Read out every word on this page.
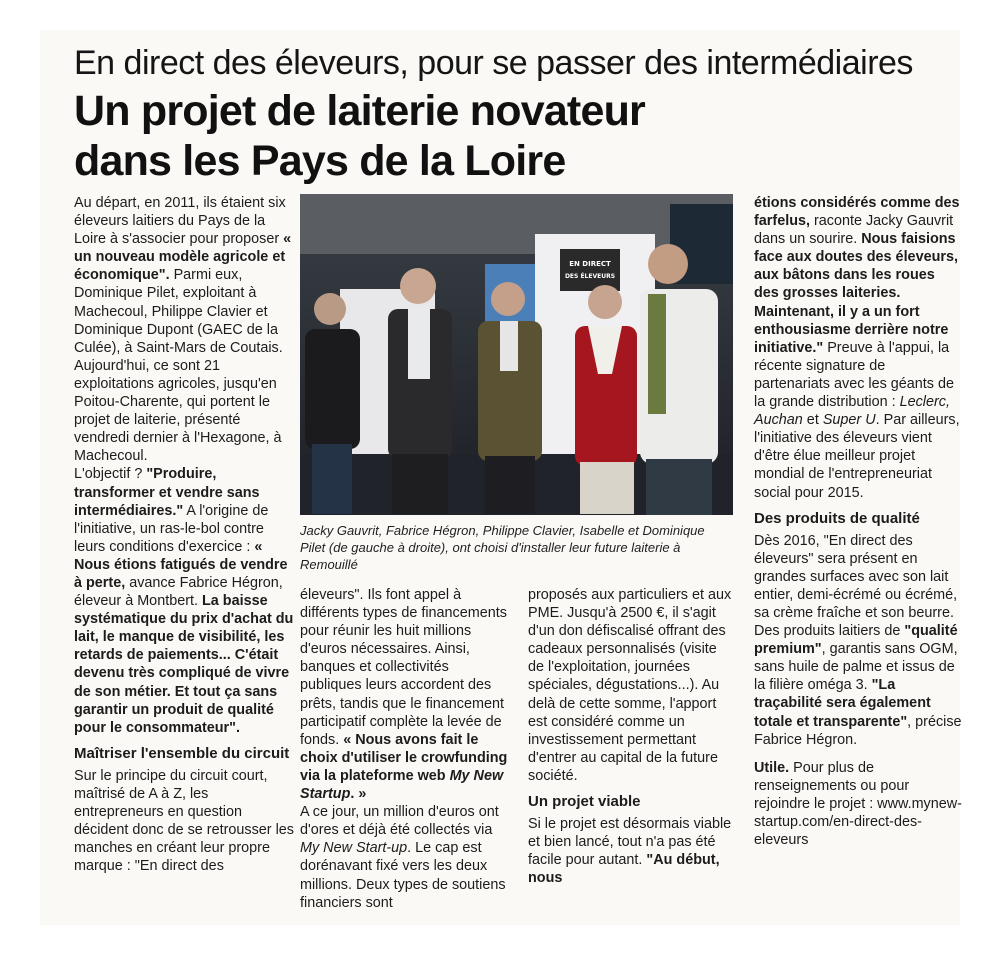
En direct des éleveurs, pour se passer des intermédiaires
Un projet de laiterie novateur
dans les Pays de la Loire

Au départ, en 2011, ils étaient six éleveurs laitiers du Pays de la Loire à s'associer pour proposer « un nouveau modèle agricole et économique". Parmi eux, Dominique Pilet, exploitant à Machecoul, Philippe Clavier et Dominique Dupont (GAEC de la Culée), à Saint-Mars de Coutais. Aujourd'hui, ce sont 21 exploitations agricoles, jusqu'en Poitou-Charente, qui portent le projet de laiterie, présenté vendredi dernier à l'Hexagone, à Machecoul.

L'objectif ? "Produire, transformer et vendre sans intermédiaires." A l'origine de l'initiative, un ras-le-bol contre leurs conditions d'exercice : « Nous étions fatigués de vendre à perte, avance Fabrice Hégron, éleveur à Montbert. La baisse systématique du prix d'achat du lait, le manque de visibilité, les retards de paiements... C'était devenu très compliqué de vivre de son métier. Et tout ça sans garantir un produit de qualité pour le consommateur".

Maîtriser l'ensemble du circuit

Sur le principe du circuit court, maîtrisé de A à Z, les entrepreneurs en question décident donc de se retrousser les manches en créant leur propre marque : "En direct des

EN DIRECT
DES ÉLEVEURS
Jacky Gauvrit, Fabrice Hégron, Philippe Clavier, Isabelle et Dominique Pilet (de gauche à droite), ont choisi d'installer leur future laiterie à Remouillé

éleveurs". Ils font appel à différents types de financements pour réunir les huit millions d'euros nécessaires. Ainsi, banques et collectivités publiques leurs accordent des prêts, tandis que le financement participatif complète la levée de fonds. « Nous avons fait le choix d'utiliser le crowfunding via la plateforme web My New Startup. »

A ce jour, un million d'euros ont d'ores et déjà été collectés via My New Start-up. Le cap est dorénavant fixé vers les deux millions. Deux types de soutiens financiers sont

proposés aux particuliers et aux PME. Jusqu'à 2500 €, il s'agit d'un don défiscalisé offrant des cadeaux personnalisés (visite de l'exploitation, journées spéciales, dégustations...). Au delà de cette somme, l'apport est considéré comme un investissement permettant d'entrer au capital de la future société.

Un projet viable

Si le projet est désormais viable et bien lancé, tout n'a pas été facile pour autant. "Au début, nous

étions considérés comme des farfelus, raconte Jacky Gauvrit dans un sourire. Nous faisions face aux doutes des éleveurs, aux bâtons dans les roues des grosses laiteries. Maintenant, il y a un fort enthousiasme derrière notre initiative." Preuve à l'appui, la récente signature de partenariats avec les géants de la grande distribution : Leclerc, Auchan et Super U. Par ailleurs, l'initiative des éleveurs vient d'être élue meilleur projet mondial de l'entrepreneuriat social pour 2015.

Des produits de qualité

Dès 2016, "En direct des éleveurs" sera présent en grandes surfaces avec son lait entier, demi-écrémé ou écrémé, sa crème fraîche et son beurre. Des produits laitiers de "qualité premium", garantis sans OGM, sans huile de palme et issus de la filière oméga 3. "La traçabilité sera également totale et transparente", précise Fabrice Hégron.

Utile. Pour plus de renseignements ou pour rejoindre le projet : www.mynew-startup.com/en-direct-des-eleveurs
